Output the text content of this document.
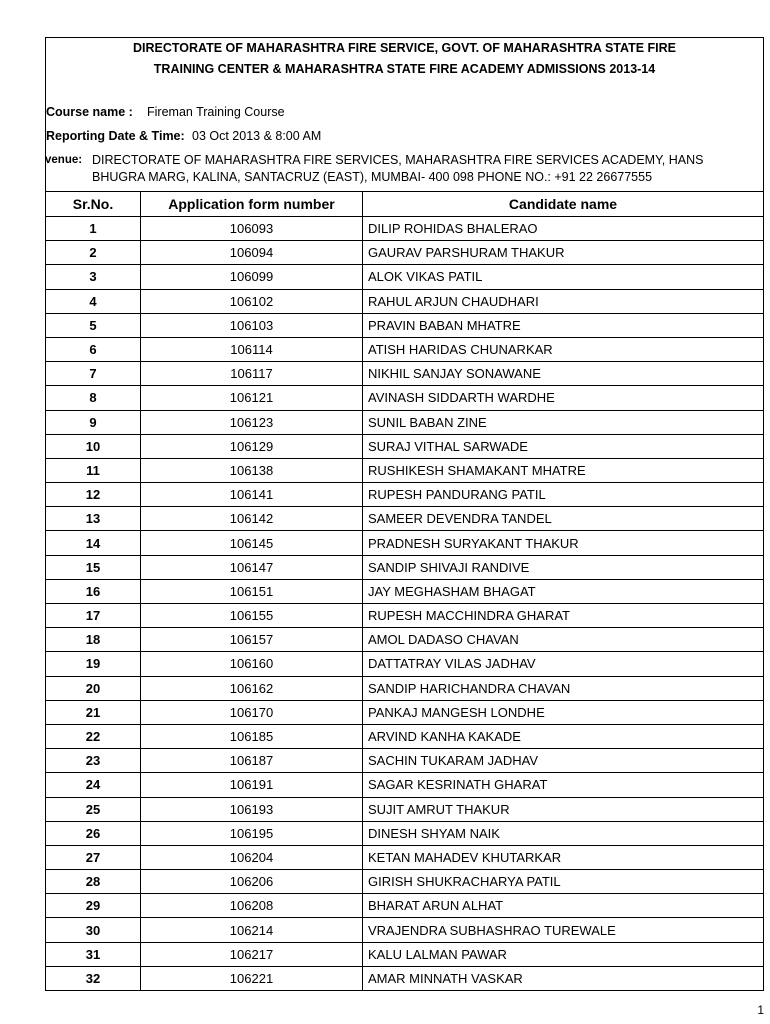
DIRECTORATE OF MAHARASHTRA FIRE SERVICE, GOVT. OF MAHARASHTRA STATE FIRE
TRAINING CENTER & MAHARASHTRA STATE FIRE ACADEMY ADMISSIONS 2013-14
Course name : Fireman Training Course
Reporting Date & Time: 03 Oct 2013 & 8:00 AM
venue: DIRECTORATE OF MAHARASHTRA FIRE SERVICES, MAHARASHTRA FIRE SERVICES ACADEMY, HANS
BHUGRA MARG, KALINA, SANTACRUZ (EAST), MUMBAI- 400 098 PHONE NO.: +91 22 26677555
Sr.No.	Application form number	Candidate name
1	106093	DILIP ROHIDAS BHALERAO
2	106094	GAURAV PARSHURAM THAKUR
3	106099	ALOK VIKAS PATIL
4	106102	RAHUL ARJUN CHAUDHARI
5	106103	PRAVIN BABAN MHATRE
6	106114	ATISH HARIDAS CHUNARKAR
7	106117	NIKHIL SANJAY SONAWANE
8	106121	AVINASH SIDDARTH WARDHE
9	106123	SUNIL BABAN ZINE
10	106129	SURAJ VITHAL SARWADE
11	106138	RUSHIKESH SHAMAKANT MHATRE
12	106141	RUPESH PANDURANG PATIL
13	106142	SAMEER DEVENDRA TANDEL
14	106145	PRADNESH SURYAKANT THAKUR
15	106147	SANDIP SHIVAJI RANDIVE
16	106151	JAY MEGHASHAM BHAGAT
17	106155	RUPESH MACCHINDRA GHARAT
18	106157	AMOL DADASO CHAVAN
19	106160	DATTATRAY VILAS JADHAV
20	106162	SANDIP HARICHANDRA CHAVAN
21	106170	PANKAJ MANGESH LONDHE
22	106185	ARVIND KANHA KAKADE
23	106187	SACHIN TUKARAM JADHAV
24	106191	SAGAR KESRINATH GHARAT
25	106193	SUJIT AMRUT THAKUR
26	106195	DINESH SHYAM NAIK
27	106204	KETAN MAHADEV KHUTARKAR
28	106206	GIRISH SHUKRACHARYA PATIL
29	106208	BHARAT ARUN ALHAT
30	106214	VRAJENDRA SUBHASHRAO TUREWALE
31	106217	KALU LALMAN PAWAR
32	106221	AMAR MINNATH VASKAR
1
